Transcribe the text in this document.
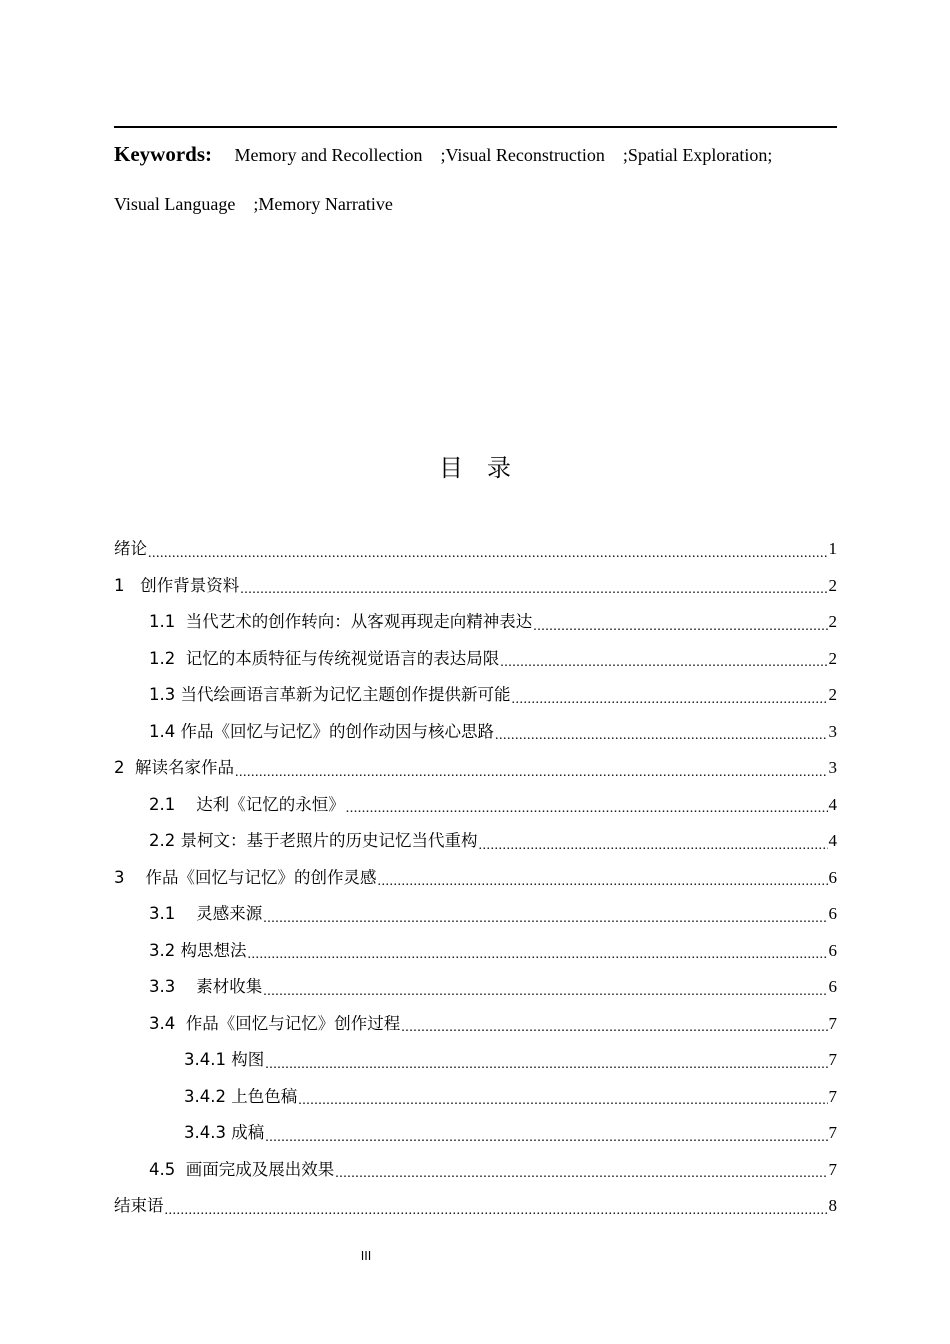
Keywords: Memory and Recollection ;Visual Reconstruction ;Spatial Exploration;
Visual Language ;Memory Narrative
目录
绪论 .....	1
1   创作背景资料 .....	2
1.1  当代艺术的创作转向：从客观再现走向精神表达 .....	2
1.2  记忆的本质特征与传统视觉语言的表达局限 .....	2
1.3 当代绘画语言革新为记忆主题创作提供新可能 .....	2
1.4 作品《回忆与记忆》的创作动因与核心思路 .....	3
2  解读名家作品 .....	3
2.1    达利《记忆的永恒》 .....	4
2.2 景柯文：基于老照片的历史记忆当代重构 .....	4
3    作品《回忆与记忆》的创作灵感 .....	6
3.1    灵感来源 .....	6
3.2 构思想法 .....	6
3.3    素材收集 .....	6
3.4  作品《回忆与记忆》创作过程 .....	7
3.4.1 构图 .....	7
3.4.2 上色色稿 .....	7
3.4.3 成稿 .....	7
4.5  画面完成及展出效果 .....	7
结束语 .....	8
III
